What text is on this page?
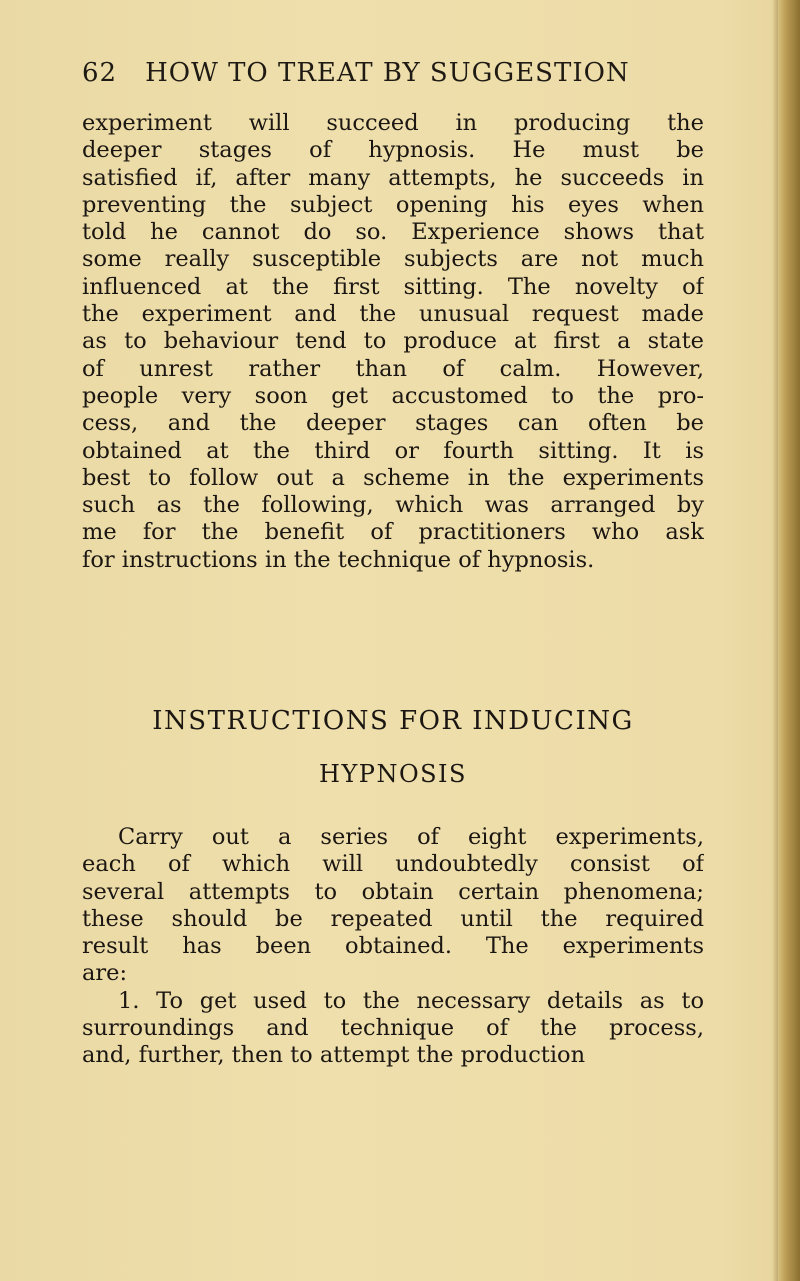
62 HOW TO TREAT BY SUGGESTION
experiment will succeed in producing the
deeper stages of hypnosis. He must be
satisfied if, after many attempts, he succeeds in
preventing the subject opening his eyes when
told he cannot do so. Experience shows that
some really susceptible subjects are not much
influenced at the first sitting. The novelty of
the experiment and the unusual request made
as to behaviour tend to produce at first a state
of unrest rather than of calm. However,
people very soon get accustomed to the pro-
cess, and the deeper stages can often be
obtained at the third or fourth sitting. It is
best to follow out a scheme in the experiments
such as the following, which was arranged by
me for the benefit of practitioners who ask
for instructions in the technique of hypnosis.
INSTRUCTIONS FOR INDUCING
HYPNOSIS
Carry out a series of eight experiments,
each of which will undoubtedly consist of
several attempts to obtain certain phenomena;
these should be repeated until the required
result has been obtained. The experiments
are:
1. To get used to the necessary details as to
surroundings and technique of the process,
and, further, then to attempt the production
